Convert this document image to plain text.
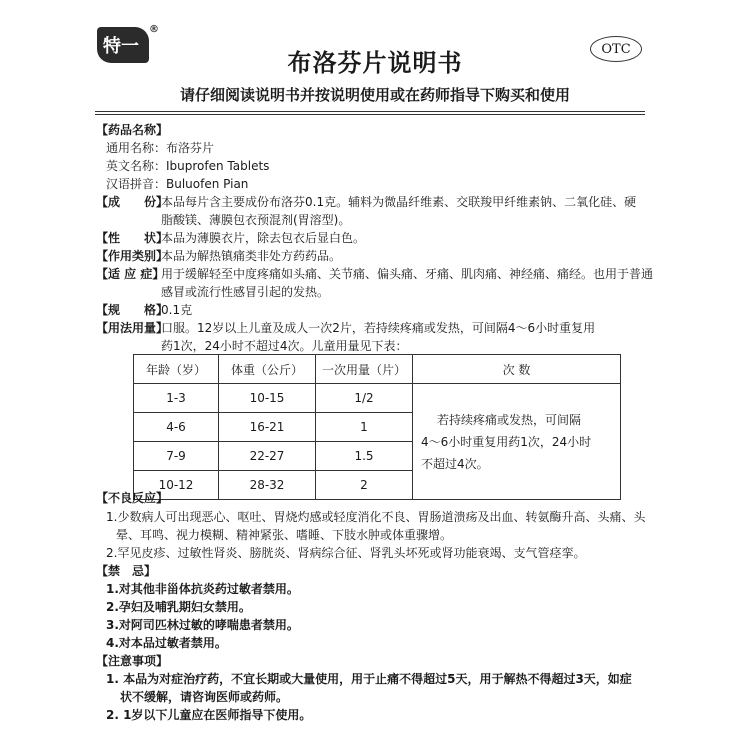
特一
®
OTC
布洛芬片说明书
请仔细阅读说明书并按说明使用或在药师指导下购买和使用
【药品名称】
通用名称：布洛芬片
英文名称：Ibuprofen Tablets
汉语拼音：Buluofen Pian
【成　　份】
本品每片含主要成份布洛芬0.1克。辅料为微晶纤维素、交联羧甲纤维素钠、二氧化硅、硬
脂酸镁、薄膜包衣预混剂(胃溶型)。
【性　　状】
本品为薄膜衣片，除去包衣后显白色。
【作用类别】
本品为解热镇痛类非处方药药品。
【适 应 症】
用于缓解轻至中度疼痛如头痛、关节痛、偏头痛、牙痛、肌肉痛、神经痛、痛经。也用于普通
感冒或流行性感冒引起的发热。
【规　　格】
0.1克
【用法用量】
口服。12岁以上儿童及成人一次2片，若持续疼痛或发热，可间隔4～6小时重复用
药1次，24小时不超过4次。儿童用量见下表：
年龄（岁）	体重（公斤）	一次用量（片）	次 数
1-3	10-15	1/2	若持续疼痛或发热，可间隔
4～6小时重复用药1次，24小时
不超过4次。

4-6	16-21	1	
7-9	22-27	1.5	
10-12	28-32	2	
【不良反应】
1.少数病人可出现恶心、呕吐、胃烧灼感或轻度消化不良、胃肠道溃疡及出血、转氨酶升高、头痛、头
晕、耳鸣、视力模糊、精神紧张、嗜睡、下肢水肿或体重骤增。
2.罕见皮疹、过敏性肾炎、膀胱炎、肾病综合征、肾乳头坏死或肾功能衰竭、支气管痉挛。
【禁　忌】
1.对其他非甾体抗炎药过敏者禁用。
2.孕妇及哺乳期妇女禁用。
3.对阿司匹林过敏的哮喘患者禁用。
4.对本品过敏者禁用。
【注意事项】
1. 本品为对症治疗药，不宜长期或大量使用，用于止痛不得超过5天，用于解热不得超过3天，如症
状不缓解，请咨询医师或药师。
2. 1岁以下儿童应在医师指导下使用。
